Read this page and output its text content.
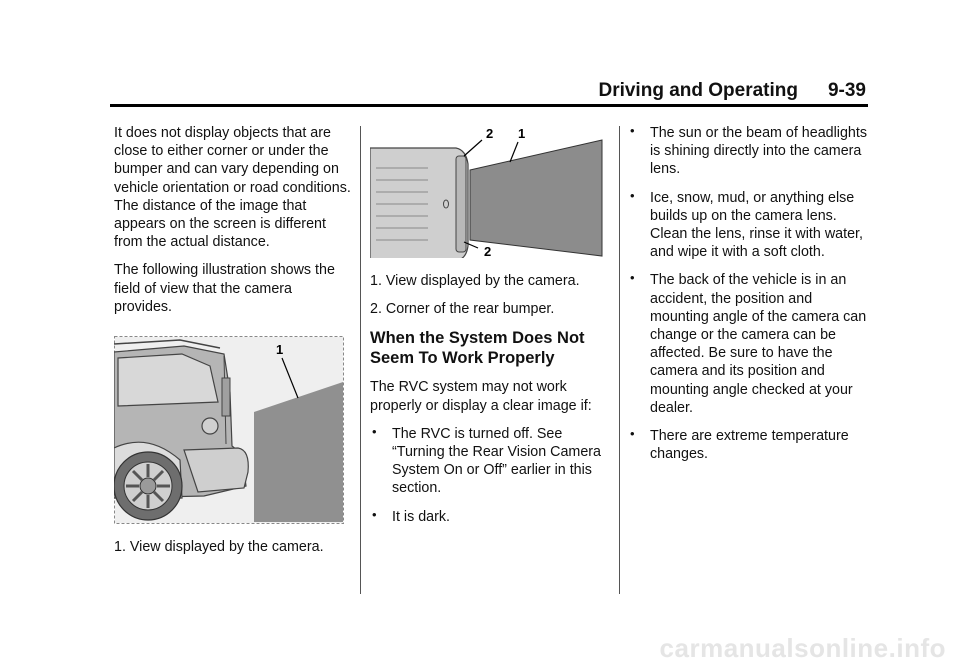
Driving and Operating 9-39

It does not display objects that are close to either corner or under the bumper and can vary depending on vehicle orientation or road conditions. The distance of the image that appears on the screen is different from the actual distance.

The following illustration shows the field of view that the camera provides.

1

1. View displayed by the camera.

2 1
2
1. View displayed by the camera.
2. Corner of the rear bumper.
When the System Does Not Seem To Work Properly

The RVC system may not work properly or display a clear image if:

• The RVC is turned off. See “Turning the Rear Vision Camera System On or Off” earlier in this section.
• It is dark.
• The sun or the beam of headlights is shining directly into the camera lens.
• Ice, snow, mud, or anything else builds up on the camera lens. Clean the lens, rinse it with water, and wipe it with a soft cloth.
• The back of the vehicle is in an accident, the position and mounting angle of the camera can change or the camera can be affected. Be sure to have the camera and its position and mounting angle checked at your dealer.
• There are extreme temperature changes.
carmanualsonline.info
